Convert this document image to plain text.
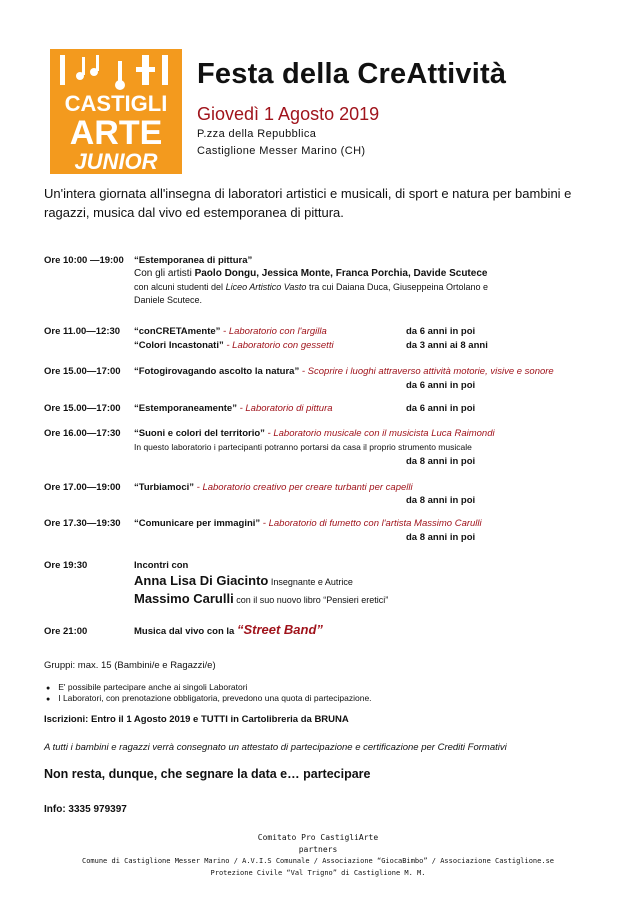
CASTIGLI
ARTE
JUNIOR
Festa della CreAttività
Giovedì 1 Agosto 2019
P.zza della Repubblica
Castiglione Messer Marino (CH)
Un'intera giornata all'insegna di laboratori artistici e musicali, di sport e natura per bambini e ragazzi, musica dal vivo ed estemporanea di pittura.
Ore 10:00 —19:00 “Estemporanea di pittura”
Con gli artisti Paolo Dongu, Jessica Monte, Franca Porchia, Davide Scutece
con alcuni studenti del Liceo Artistico Vasto tra cui Daiana Duca, Giuseppeina Ortolano e
Daniele Scutece.
Ore 11.00—12:30 “conCRETAmente” - Laboratorio con l'argilla	da 6 anni in poi
“Colori Incastonati” - Laboratorio con gessetti	da 3 anni ai 8 anni
Ore 15.00—17:00 “Fotogirovagando ascolto la natura” - Scoprire i luoghi attraverso attività motorie, visive e sonore
da 6 anni in poi
Ore 15.00—17:00 “Estemporaneamente” - Laboratorio di pittura	da 6 anni in poi
Ore 16.00—17:30 “Suoni e colori del territorio” - Laboratorio musicale con il musicista Luca Raimondi
In questo laboratorio i partecipanti potranno portarsi da casa il proprio strumento musicale
da 8 anni in poi
Ore 17.00—19:00 “Turbiamoci” - Laboratorio creativo per creare turbanti per capelli
da 8 anni in poi
Ore 17.30—19:30 “Comunicare per immagini” - Laboratorio di fumetto con l'artista Massimo Carulli
da 8 anni in poi
Ore 19:30	Incontri con
Anna Lisa Di Giacinto Insegnante e Autrice
Massimo Carulli con il suo nuovo libro “Pensieri eretici”
Ore 21:00	Musica dal vivo con la “Street Band”
Gruppi: max. 15 (Bambini/e e Ragazzi/e)
● E' possibile partecipare anche ai singoli Laboratori
● I Laboratori, con prenotazione obbligatoria, prevedono una quota di partecipazione.
Iscrizioni: Entro il 1 Agosto 2019 e TUTTI in Cartolibreria da BRUNA
A tutti i bambini e ragazzi verrà consegnato un attestato di partecipazione e certificazione per Crediti Formativi
Non resta, dunque, che segnare la data e… partecipare
Info: 3335 979397
Comitato Pro CastigliArte
partners
Comune di Castiglione Messer Marino / A.V.I.S Comunale / Associazione “GiocaBimbo” / Associazione Castiglione.se
Protezione Civile “Val Trigno” di Castiglione M. M.
